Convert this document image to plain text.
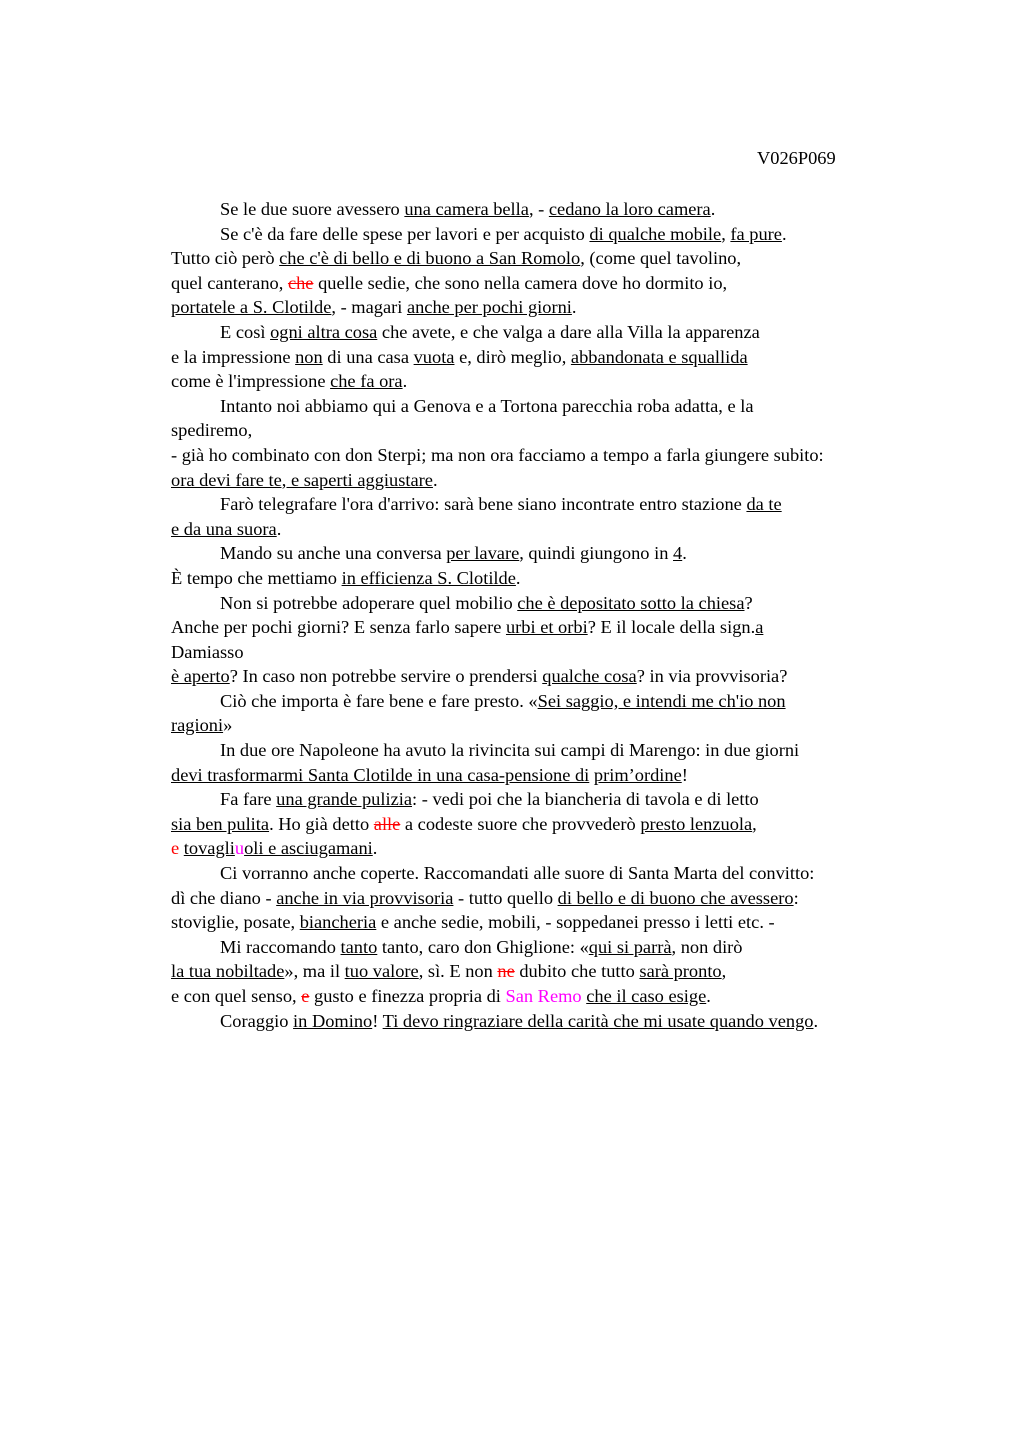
V026P069
Se le due suore avessero una camera bella, - cedano la loro camera.
Se c'è da fare delle spese per lavori e per acquisto di qualche mobile, fa pure.
Tutto ciò però che c'è di bello e di buono a San Romolo, (come quel tavolino,
quel canterano, che quelle sedie, che sono nella camera dove ho dormito io,
portatele a S. Clotilde, - magari anche per pochi giorni.
E così ogni altra cosa che avete, e che valga a dare alla Villa la apparenza
e la impressione non di una casa vuota e, dirò meglio, abbandonata e squallida
come è l'impressione che fa ora.
Intanto noi abbiamo qui a Genova e a Tortona parecchia roba adatta, e la
spediremo,
- già ho combinato con don Sterpi; ma non ora facciamo a tempo a farla giungere subito:
ora devi fare te, e saperti aggiustare.
Farò telegrafare l'ora d'arrivo: sarà bene siano incontrate entro stazione da te
e da una suora.
Mando su anche una conversa per lavare, quindi giungono in 4.
È tempo che mettiamo in efficienza S. Clotilde.
Non si potrebbe adoperare quel mobilio che è depositato sotto la chiesa?
Anche per pochi giorni? E senza farlo sapere urbi et orbi? E il locale della sign.a
Damiasso
è aperto? In caso non potrebbe servire o prendersi qualche cosa? in via provvisoria?
Ciò che importa è fare bene e fare presto. «Sei saggio, e intendi me ch'io non
ragioni»
In due ore Napoleone ha avuto la rivincita sui campi di Marengo: in due giorni
devi trasformarmi Santa Clotilde in una casa-pensione di prim’ordine!
Fa fare una grande pulizia: - vedi poi che la biancheria di tavola e di letto
sia ben pulita. Ho già detto alle a codeste suore che provvederò presto lenzuola,
e tovagliuoli e asciugamani.
Ci vorranno anche coperte. Raccomandati alle suore di Santa Marta del convitto:
dì che diano - anche in via provvisoria - tutto quello di bello e di buono che avessero:
stoviglie, posate, biancheria e anche sedie, mobili, - soppedanei presso i letti etc. -
Mi raccomando tanto tanto, caro don Ghiglione: «qui si parrà, non dirò
la tua nobiltade», ma il tuo valore, sì. E non ne dubito che tutto sarà pronto,
e con quel senso, e gusto e finezza propria di San Remo che il caso esige.
Coraggio in Domino! Ti devo ringraziare della carità che mi usate quando vengo.
